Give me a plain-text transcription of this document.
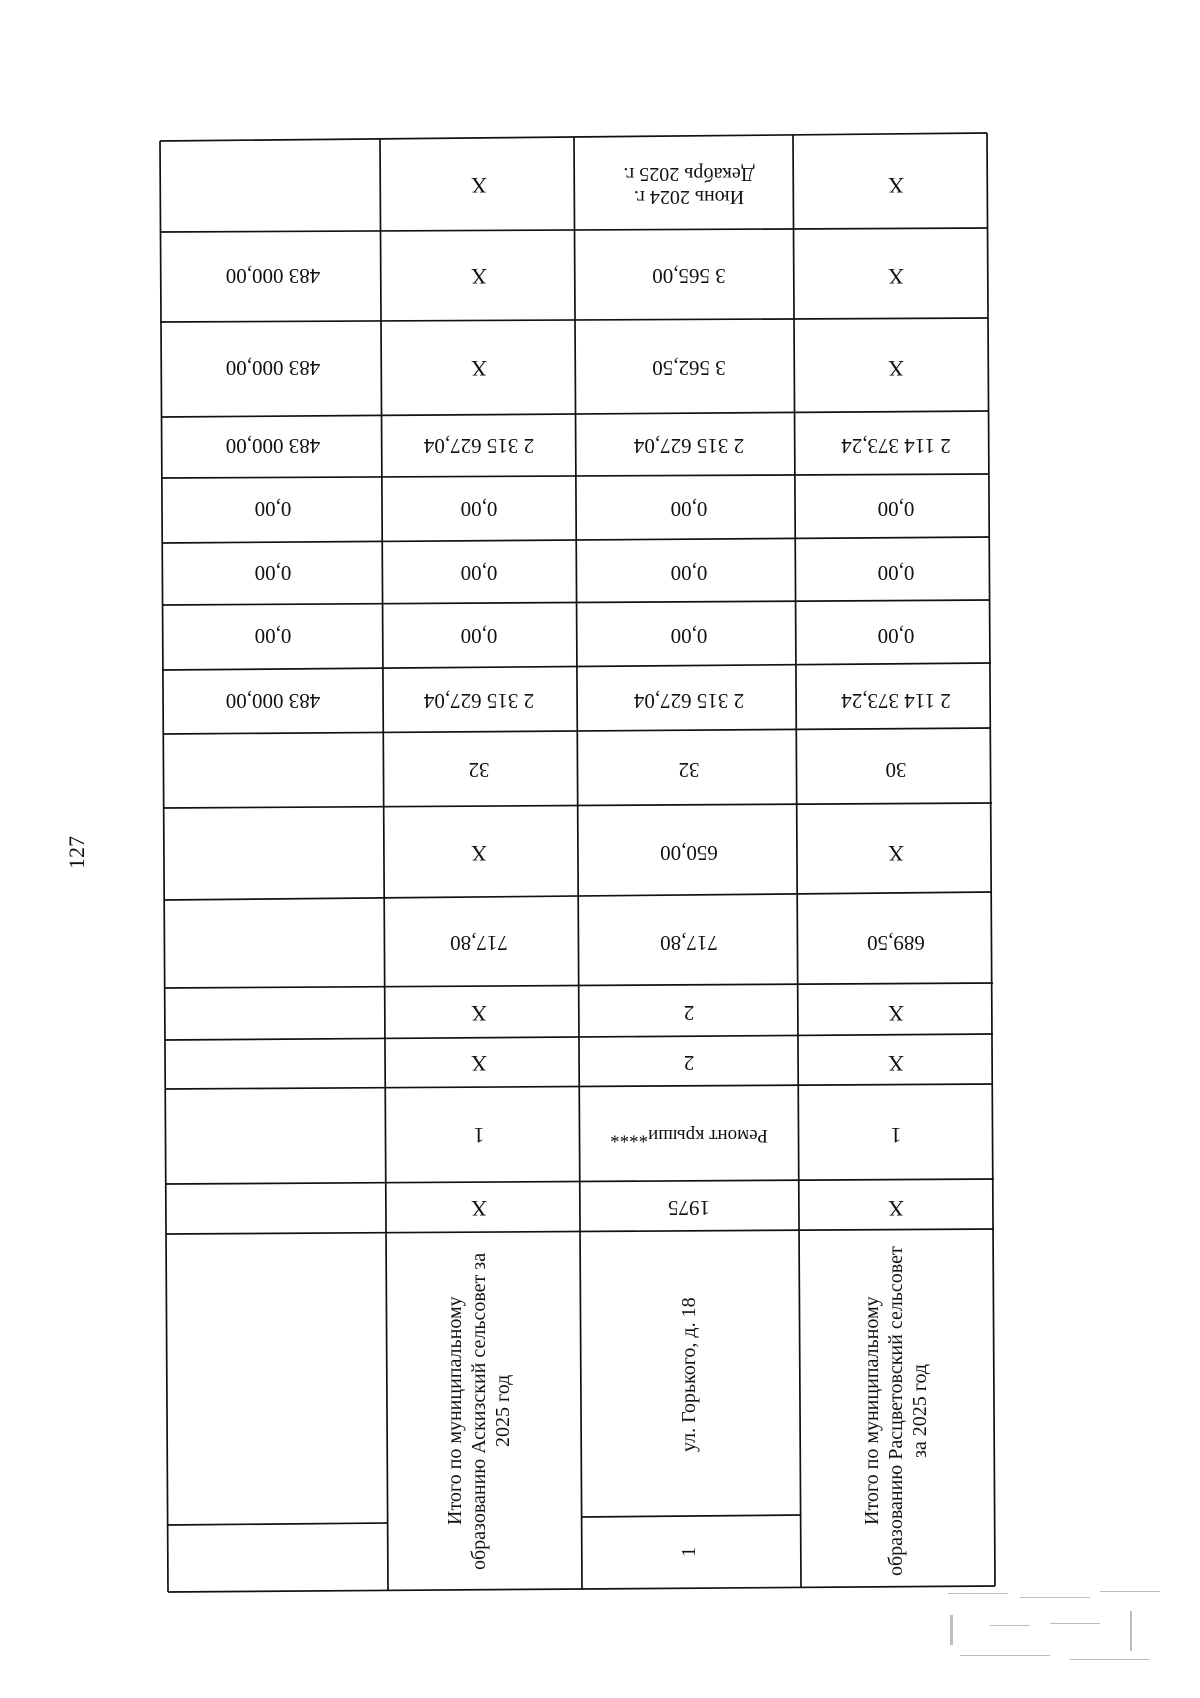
127
Итого по муниципальному образованию Аскизский сельсовет за 2025 год
Х
1
Х
Х
717,80
Х
32
2 315 627,04
0,00
0,00
0,00
2 315 627,04
Х
Х
Х
1
ул. Горького, д. 18
1975
Ремонт крыши****
2
2
717,80
650,00
32
2 315 627,04
0,00
0,00
0,00
2 315 627,04
3 562,50
3 565,00
Июнь 2024 г.
Декабрь 2025 г.
Итого по муниципальному образованию Расцветовский сельсовет за 2025 год
Х
1
Х
Х
689,50
Х
30
2 114 373,24
0,00
0,00
0,00
2 114 373,24
Х
Х
Х
483 000,00
0,00
0,00
0,00
483 000,00
483 000,00
483 000,00
